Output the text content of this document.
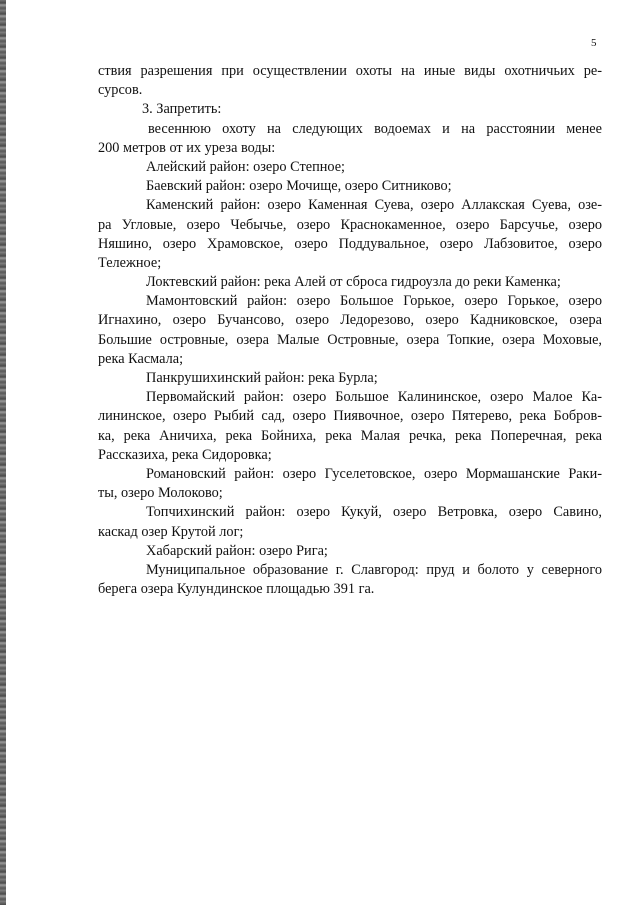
5
ствия разрешения при осуществлении охоты на иные виды охотничьих ре-
сурсов.
3. Запретить:
весеннюю охоту на следующих водоемах и на расстоянии менее
200 метров от их уреза воды:
Алейский район: озеро Степное;
Баевский район: озеро Мочище, озеро Ситниково;
Каменский район: озеро Каменная Суева, озеро Аллакская Суева, озе-
ра Угловые, озеро Чебычье, озеро Краснокаменное, озеро Барсучье, озеро
Няшино, озеро Храмовское, озеро Поддувальное, озеро Лабзовитое, озеро
Тележное;
Локтевский район: река Алей от сброса гидроузла до реки Каменка;
Мамонтовский район: озеро Большое Горькое, озеро Горькое, озеро
Игнахино, озеро Бучансово, озеро Ледорезово, озеро Кадниковское, озера
Большие островные, озера Малые Островные, озера Топкие, озера Моховые,
река Касмала;
Панкрушихинский район: река Бурла;
Первомайский район: озеро Большое Калининское, озеро Малое Ка-
лининское, озеро Рыбий сад, озеро Пиявочное, озеро Пятерево, река Бобров-
ка, река Аничиха, река Бойниха, река Малая речка, река Поперечная, река
Рассказиха, река Сидоровка;
Романовский район: озеро Гуселетовское, озеро Мормашанские Раки-
ты, озеро Молоково;
Топчихинский район: озеро Кукуй, озеро Ветровка, озеро Савино,
каскад озер Крутой лог;
Хабарский район: озеро Рига;
Муниципальное образование г. Славгород: пруд и болото у северного
берега озера Кулундинское площадью 391 га.
